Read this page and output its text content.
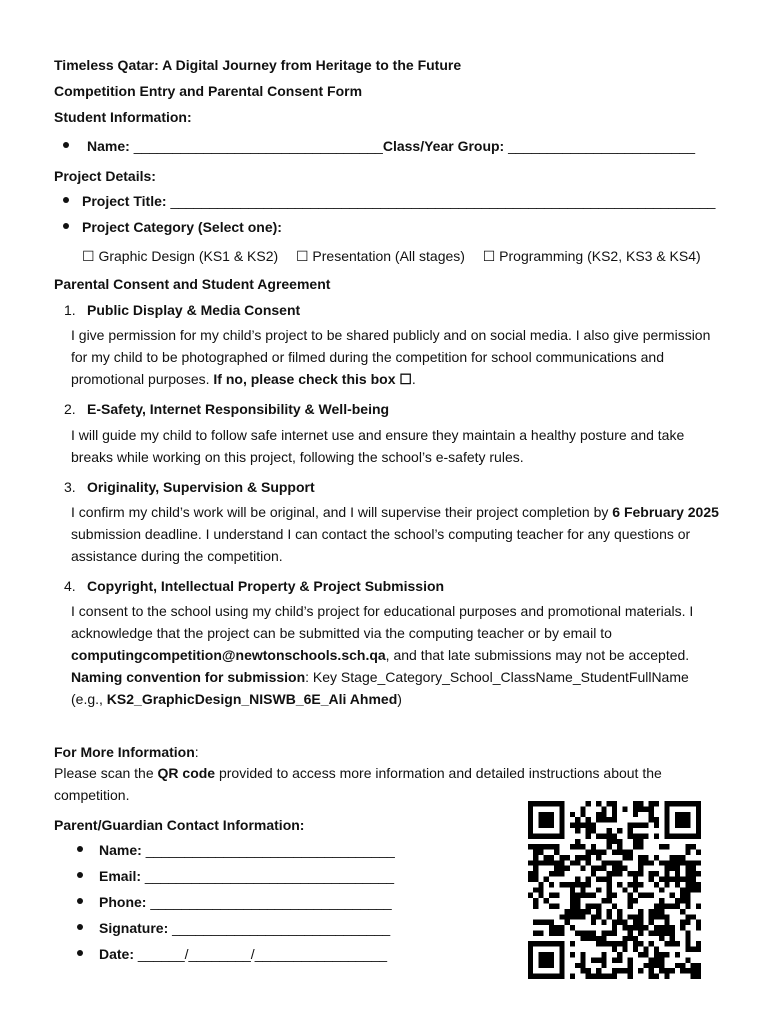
Timeless Qatar: A Digital Journey from Heritage to the Future
Competition Entry and Parental Consent Form
Student Information:
Name: ________________________________Class/Year Group: ________________________
Project Details:
Project Title: ______________________________________________________________________
Project Category (Select one):
☐ Graphic Design (KS1 & KS2) ☐ Presentation (All stages) ☐ Programming (KS2, KS3 & KS4)
Parental Consent and Student Agreement
1. Public Display & Media Consent
I give permission for my child’s project to be shared publicly and on social media. I also give permission for my child to be photographed or filmed during the competition for school communications and promotional purposes. If no, please check this box ☐.
2. E-Safety, Internet Responsibility & Well-being
I will guide my child to follow safe internet use and ensure they maintain a healthy posture and take breaks while working on this project, following the school’s e-safety rules.
3. Originality, Supervision & Support
I confirm my child’s work will be original, and I will supervise their project completion by 6 February 2025 submission deadline. I understand I can contact the school’s computing teacher for any questions or assistance during the competition.
4. Copyright, Intellectual Property & Project Submission
I consent to the school using my child’s project for educational purposes and promotional materials. I acknowledge that the project can be submitted via the computing teacher or by email to computingcompetition@newtonschools.sch.qa, and that late submissions may not be accepted.
Naming convention for submission: Key Stage_Category_School_ClassName_StudentFullName
(e.g., KS2_GraphicDesign_NISWB_6E_Ali Ahmed)
For More Information:
Please scan the QR code provided to access more information and detailed instructions about the competition.
Parent/Guardian Contact Information:
Name: ________________________________
Email: ________________________________
Phone: _______________________________
Signature: ____________________________
Date: ______/________/_________________
